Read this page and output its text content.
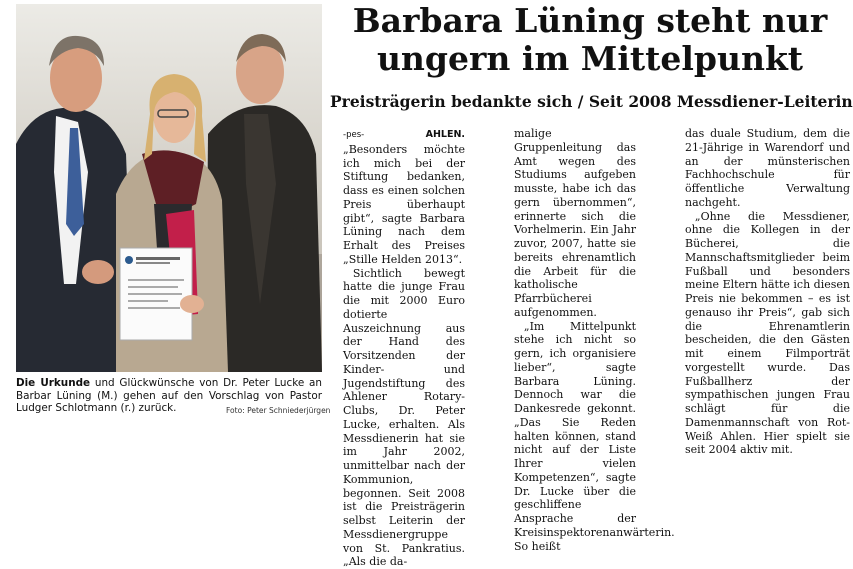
Die Urkunde und Glückwünsche von Dr. Peter Lucke an Barbar Lüning (M.) gehen auf den Vorschlag von Pastor Ludger Schlotmann (r.) zurück.	Foto: Peter Schniederjürgen
Barbara Lüning steht nur
ungern im Mittelpunkt
Preisträgerin bedankte sich / Seit 2008 Messdiener-Leiterin

-pes-	AHLEN. „Besonders möchte ich mich bei der Stiftung bedanken, dass es einen solchen Preis überhaupt gibt“, sagte Barbara Lüning nach dem Erhalt des Preises „Stille Helden 2013“.

Sichtlich bewegt hatte die junge Frau die mit 2000 Euro dotierte Auszeichnung aus der Hand des Vorsitzenden der Kinder- und Jugendstiftung des Ahlener Rotary-Clubs, Dr. Peter Lucke, erhalten. Als Messdienerin hat sie im Jahr 2002, unmittelbar nach der Kommunion, begonnen. Seit 2008 ist die Preisträgerin selbst Leiterin der Messdienergruppe von St. Pankratius. „Als die da-

malige Gruppenleitung das Amt wegen des Studiums aufgeben musste, habe ich das gern übernommen“, erinnerte sich die Vorhelmerin. Ein Jahr zuvor, 2007, hatte sie bereits ehrenamtlich die Arbeit für die katholische Pfarrbücherei aufgenommen.

„Im Mittelpunkt stehe ich nicht so gern, ich organisiere lieber“, sagte Barbara Lüning. Dennoch war die Dankesrede gekonnt. „Das Sie Reden halten können, stand nicht auf der Liste Ihrer vielen Kompetenzen“, sagte Dr. Lucke über die geschliffene Ansprache der Kreisinspektorenanwärterin. So heißt

das duale Studium, dem die 21-Jährige in Warendorf und an der münsterischen Fachhochschule für öffentliche Verwaltung nachgeht.

„Ohne die Messdiener, ohne die Kollegen in der Bücherei, die Mannschaftsmitglieder beim Fußball und besonders meine Eltern hätte ich diesen Preis nie bekommen – es ist genauso ihr Preis“, gab sich die Ehrenamtlerin bescheiden, die den Gästen mit einem Filmporträt vorgestellt wurde. Das Fußballherz der sympathischen jungen Frau schlägt für die Damenmannschaft von Rot-Weiß Ahlen. Hier spielt sie seit 2004 aktiv mit.
